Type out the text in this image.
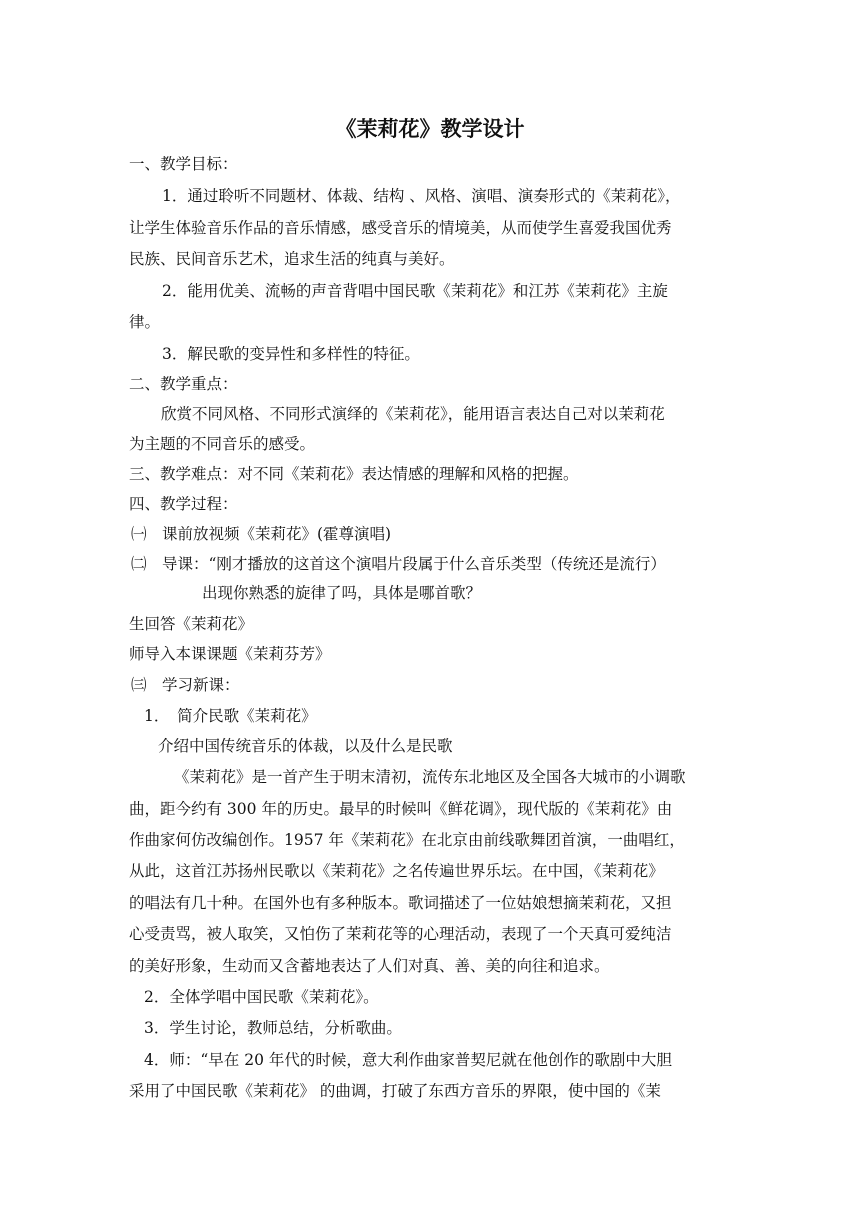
《茉莉花》教学设计
一、教学目标：
1．通过聆听不同题材、体裁、结构 、风格、演唱、演奏形式的《茉莉花》，
让学生体验音乐作品的音乐情感，感受音乐的情境美，从而使学生喜爱我国优秀
民族、民间音乐艺术，追求生活的纯真与美好。
2．能用优美、流畅的声音背唱中国民歌《茉莉花》和江苏《茉莉花》主旋
律。
3．解民歌的变异性和多样性的特征。
二、教学重点：
欣赏不同风格、不同形式演绎的《茉莉花》，能用语言表达自己对以茉莉花
为主题的不同音乐的感受。
三、教学难点：对不同《茉莉花》表达情感的理解和风格的把握。
四、教学过程：
㈠　课前放视频《茉莉花》(霍尊演唱)
㈡　导课：“刚才播放的这首这个演唱片段属于什么音乐类型（传统还是流行）
出现你熟悉的旋律了吗，具体是哪首歌？
生回答《茉莉花》
师导入本课课题《茉莉芬芳》
㈢　学习新课：
1．　简介民歌《茉莉花》
介绍中国传统音乐的体裁，以及什么是民歌
《茉莉花》是一首产生于明末清初，流传东北地区及全国各大城市的小调歌
曲，距今约有 300 年的历史。最早的时候叫《鲜花调》，现代版的《茉莉花》由
作曲家何仿改编创作。1957 年《茉莉花》在北京由前线歌舞团首演，一曲唱红，
从此，这首江苏扬州民歌以《茉莉花》之名传遍世界乐坛。在中国，《茉莉花》
的唱法有几十种。在国外也有多种版本。歌词描述了一位姑娘想摘茉莉花，又担
心受责骂，被人取笑，又怕伤了茉莉花等的心理活动，表现了一个天真可爱纯洁
的美好形象，生动而又含蓄地表达了人们对真、善、美的向往和追求。
2．全体学唱中国民歌《茉莉花》。
3．学生讨论，教师总结，分析歌曲。
4．师：“早在 20 年代的时候，意大利作曲家普契尼就在他创作的歌剧中大胆
采用了中国民歌《茉莉花》 的曲调，打破了东西方音乐的界限，使中国的《茉
